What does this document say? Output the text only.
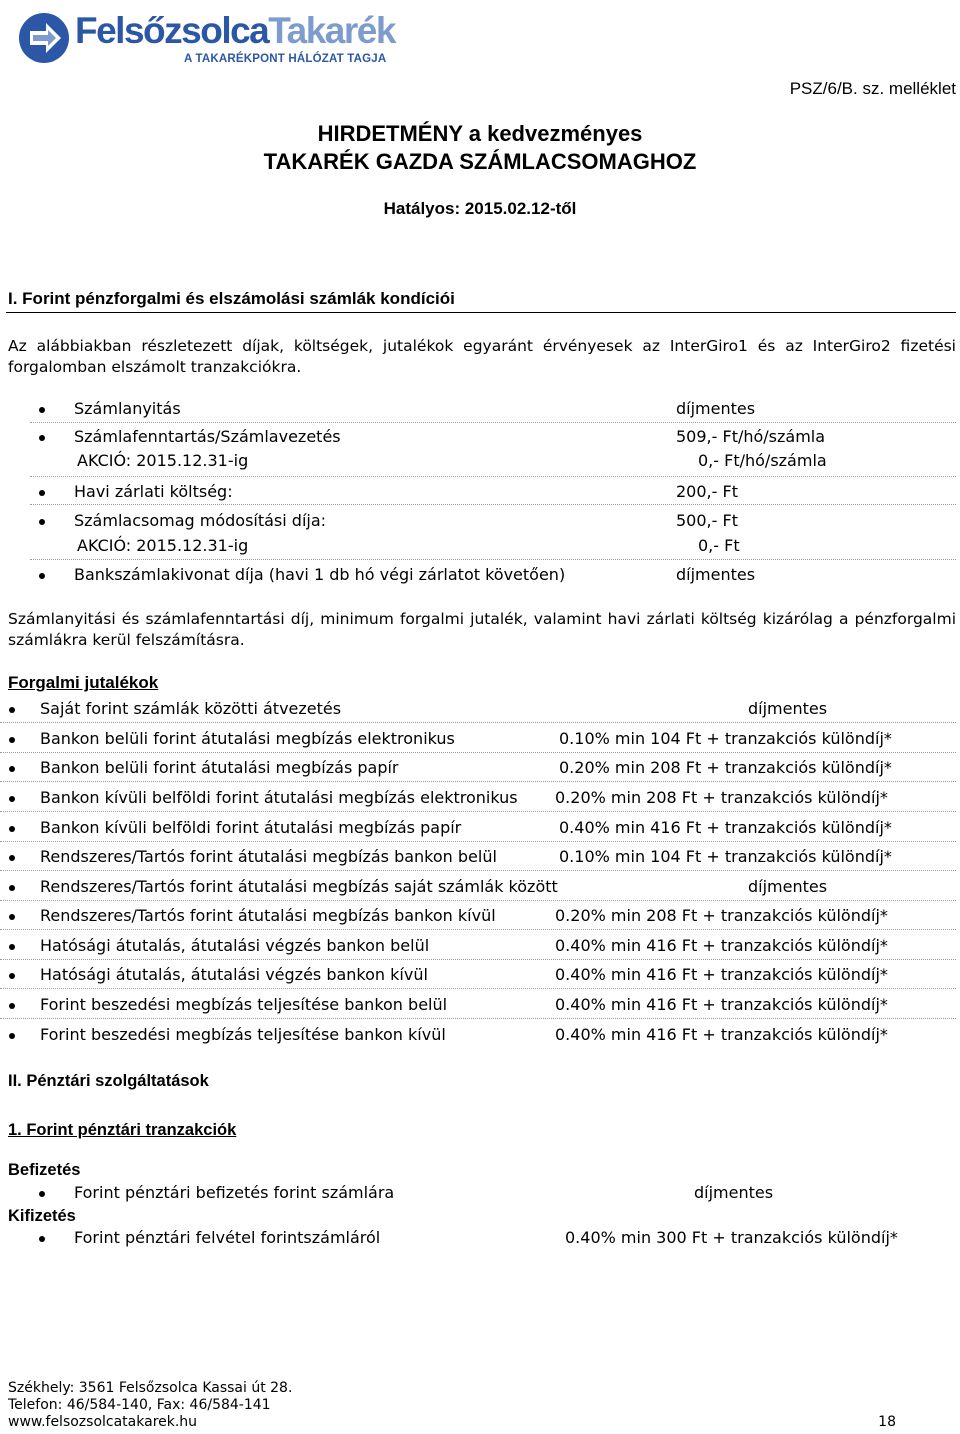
FelsőzsolcaTakarék
A TAKARÉKPONT HÁLÓZAT TAGJA
PSZ/6/B. sz. melléklet
HIRDETMÉNY a kedvezményes
TAKARÉK GAZDA SZÁMLACSOMAGHOZ
Hatályos: 2015.02.12-től
I. Forint pénzforgalmi és elszámolási számlák kondíciói
Az alábbiakban részletezett díjak, költségek, jutalékok egyaránt érvényesek az InterGiro1 és az InterGiro2 fizetési forgalomban elszámolt tranzakciókra.
Számlanyitás	díjmentes
Számlafenntartás/Számlavezetés	509,- Ft/hó/számla
AKCIÓ: 2015.12.31-ig	0,- Ft/hó/számla
Havi zárlati költség:	200,- Ft
Számlacsomag módosítási díja:	500,- Ft
AKCIÓ: 2015.12.31-ig	0,- Ft
Bankszámlakivonat díja (havi 1 db hó végi zárlatot követően)	díjmentes
Számlanyitási és számlafenntartási díj, minimum forgalmi jutalék, valamint havi zárlati költség kizárólag a pénzforgalmi számlákra kerül felszámításra.
Forgalmi jutalékok
Saját forint számlák közötti átvezetés	díjmentes
Bankon belüli forint átutalási megbízás elektronikus	0.10% min 104 Ft + tranzakciós különdíj*
Bankon belüli forint átutalási megbízás papír	0.20% min 208 Ft + tranzakciós különdíj*
Bankon kívüli belföldi forint átutalási megbízás elektronikus 0.20% min 208 Ft + tranzakciós különdíj*
Bankon kívüli belföldi forint átutalási megbízás papír	0.40% min 416 Ft + tranzakciós különdíj*
Rendszeres/Tartós forint átutalási megbízás bankon belül	0.10% min 104 Ft + tranzakciós különdíj*
Rendszeres/Tartós forint átutalási megbízás saját számlák között	díjmentes
Rendszeres/Tartós forint átutalási megbízás bankon kívül	0.20% min 208 Ft + tranzakciós különdíj*
Hatósági átutalás, átutalási végzés bankon belül	0.40% min 416 Ft + tranzakciós különdíj*
Hatósági átutalás, átutalási végzés bankon kívül	0.40% min 416 Ft + tranzakciós különdíj*
Forint beszedési megbízás teljesítése bankon belül	0.40% min 416 Ft + tranzakciós különdíj*
Forint beszedési megbízás teljesítése bankon kívül	0.40% min 416 Ft + tranzakciós különdíj*
II. Pénztári szolgáltatások
1. Forint pénztári tranzakciók
Befizetés
Forint pénztári befizetés forint számlára	díjmentes
Kifizetés
Forint pénztári felvétel forintszámláról	0.40% min 300 Ft + tranzakciós különdíj*
Székhely: 3561 Felsőzsolca Kassai út 28.
Telefon: 46/584-140, Fax: 46/584-141
www.felsozsolcatakarek.hu	18
